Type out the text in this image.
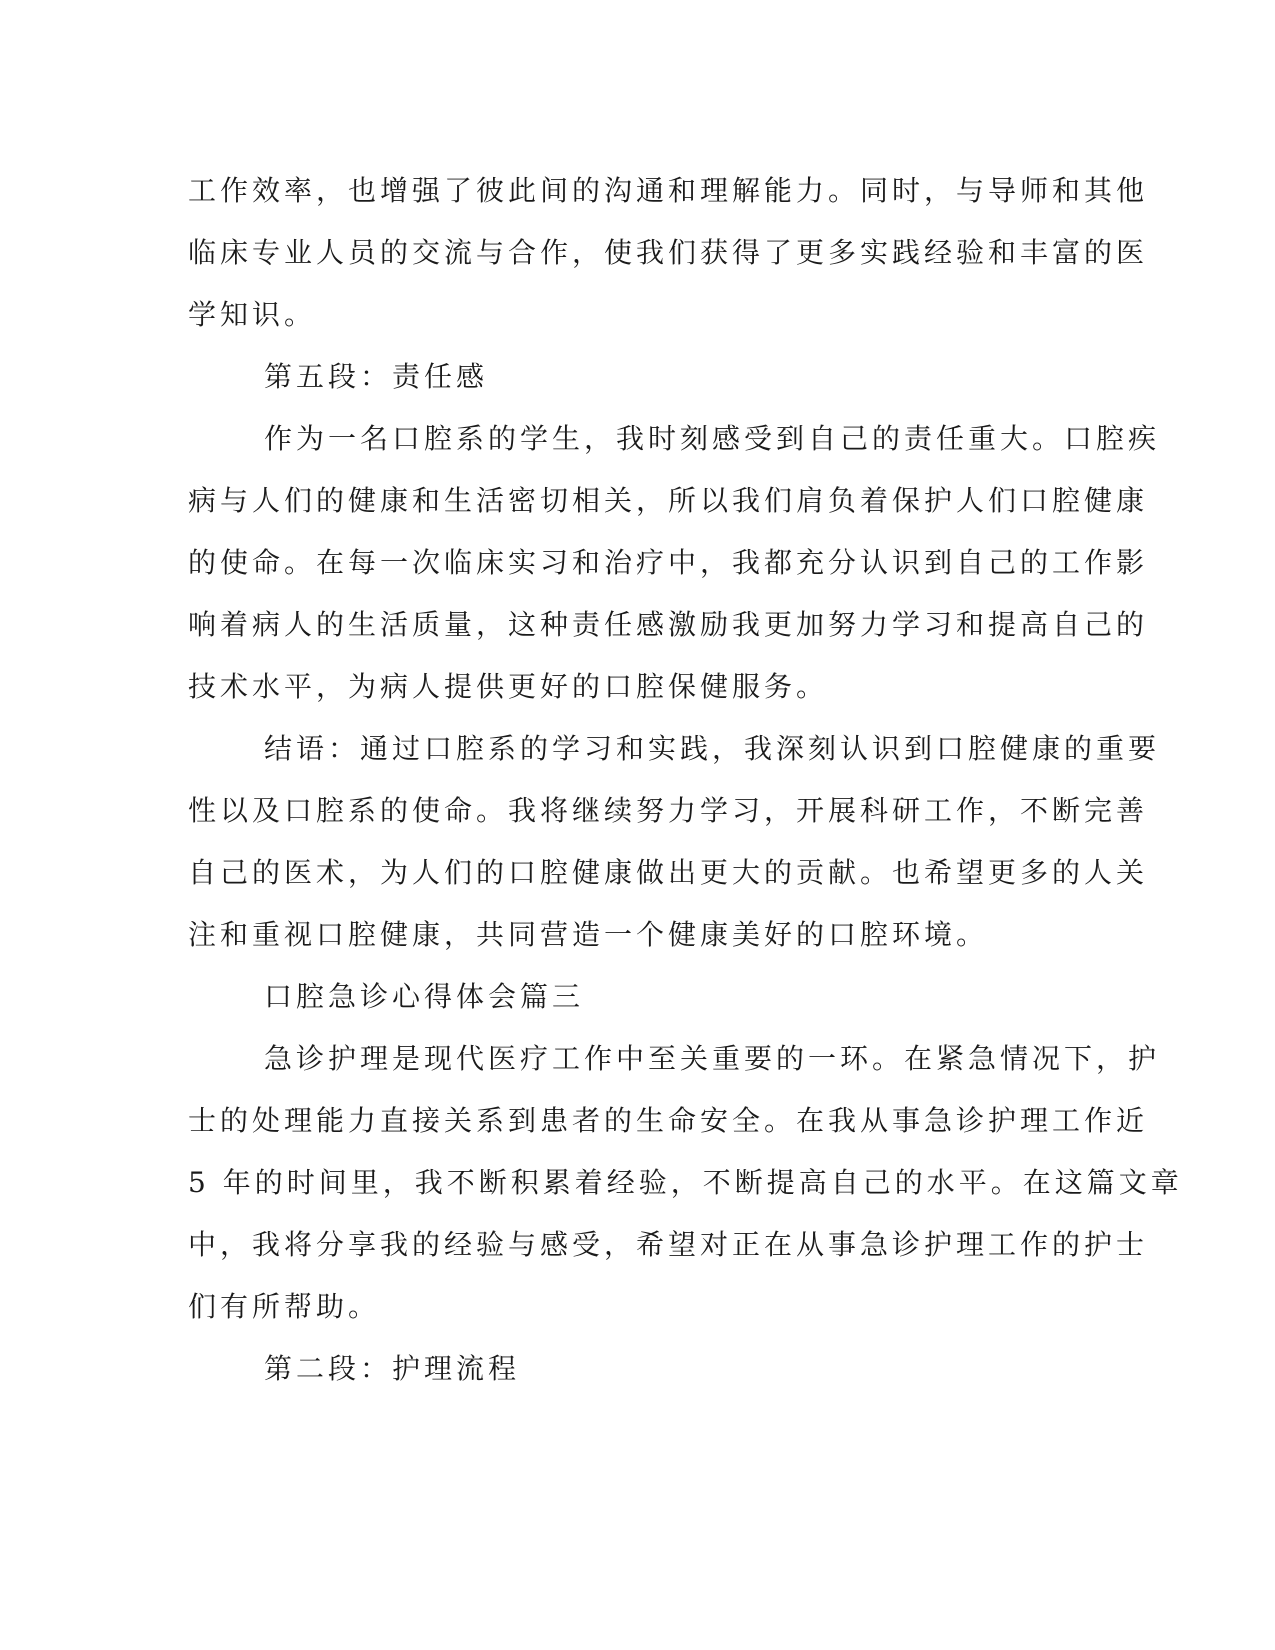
工作效率，也增强了彼此间的沟通和理解能力。同时，与导师和其他
临床专业人员的交流与合作，使我们获得了更多实践经验和丰富的医
学知识。
第五段：责任感
作为一名口腔系的学生，我时刻感受到自己的责任重大。口腔疾
病与人们的健康和生活密切相关，所以我们肩负着保护人们口腔健康
的使命。在每一次临床实习和治疗中，我都充分认识到自己的工作影
响着病人的生活质量，这种责任感激励我更加努力学习和提高自己的
技术水平，为病人提供更好的口腔保健服务。
结语：通过口腔系的学习和实践，我深刻认识到口腔健康的重要
性以及口腔系的使命。我将继续努力学习，开展科研工作，不断完善
自己的医术，为人们的口腔健康做出更大的贡献。也希望更多的人关
注和重视口腔健康，共同营造一个健康美好的口腔环境。
口腔急诊心得体会篇三
急诊护理是现代医疗工作中至关重要的一环。在紧急情况下，护
士的处理能力直接关系到患者的生命安全。在我从事急诊护理工作近
5 年的时间里，我不断积累着经验，不断提高自己的水平。在这篇文章
中，我将分享我的经验与感受，希望对正在从事急诊护理工作的护士
们有所帮助。
第二段：护理流程
